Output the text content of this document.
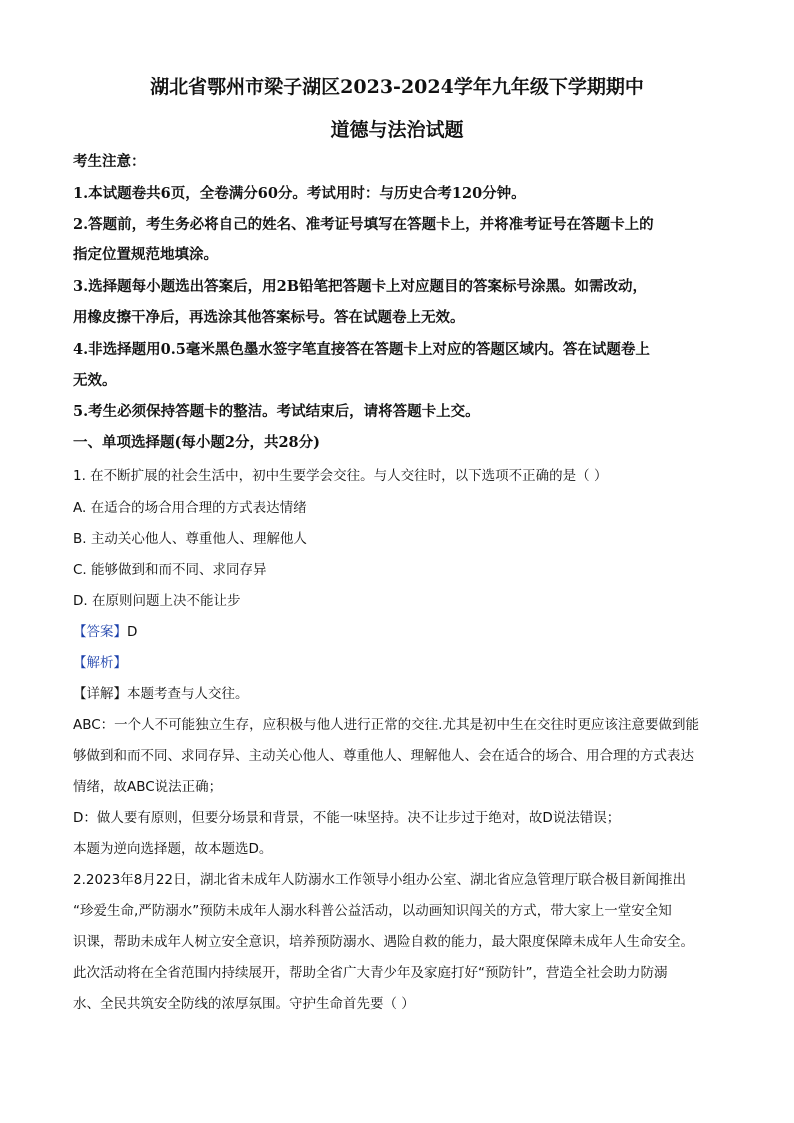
湖北省鄂州市梁子湖区2023-2024学年九年级下学期期中
道德与法治试题
考生注意：
1.本试题卷共6页，全卷满分60分。考试用时：与历史合考120分钟。
2.答题前，考生务必将自己的姓名、准考证号填写在答题卡上，并将准考证号在答题卡上的
指定位置规范地填涂。
3.选择题每小题选出答案后，用2B铅笔把答题卡上对应题目的答案标号涂黑。如需改动，
用橡皮擦干净后，再选涂其他答案标号。答在试题卷上无效。
4.非选择题用0.5毫米黑色墨水签字笔直接答在答题卡上对应的答题区域内。答在试题卷上
无效。
5.考生必须保持答题卡的整洁。考试结束后，请将答题卡上交。
一、单项选择题(每小题2分，共28分)
1. 在不断扩展的社会生活中，初中生要学会交往。与人交往时，以下选项不正确的是（ ）
A. 在适合的场合用合理的方式表达情绪
B. 主动关心他人、尊重他人、理解他人
C. 能够做到和而不同、求同存异
D. 在原则问题上决不能让步
【答案】D
【解析】
【详解】本题考查与人交往。
ABC：一个人不可能独立生存，应积极与他人进行正常的交往.尤其是初中生在交往时更应该注意要做到能
够做到和而不同、求同存异、主动关心他人、尊重他人、理解他人、会在适合的场合、用合理的方式表达
情绪，故ABC说法正确；
D：做人要有原则，但要分场景和背景，不能一味坚持。决不让步过于绝对，故D说法错误；
本题为逆向选择题，故本题选D。
2.2023年8月22日，湖北省未成年人防溺水工作领导小组办公室、湖北省应急管理厅联合极目新闻推出
“珍爱生命,严防溺水”预防未成年人溺水科普公益活动，以动画知识闯关的方式，带大家上一堂安全知
识课，帮助未成年人树立安全意识，培养预防溺水、遇险自救的能力，最大限度保障未成年人生命安全。
此次活动将在全省范围内持续展开，帮助全省广大青少年及家庭打好“预防针”，营造全社会助力防溺
水、全民共筑安全防线的浓厚氛围。守护生命首先要（ ）
